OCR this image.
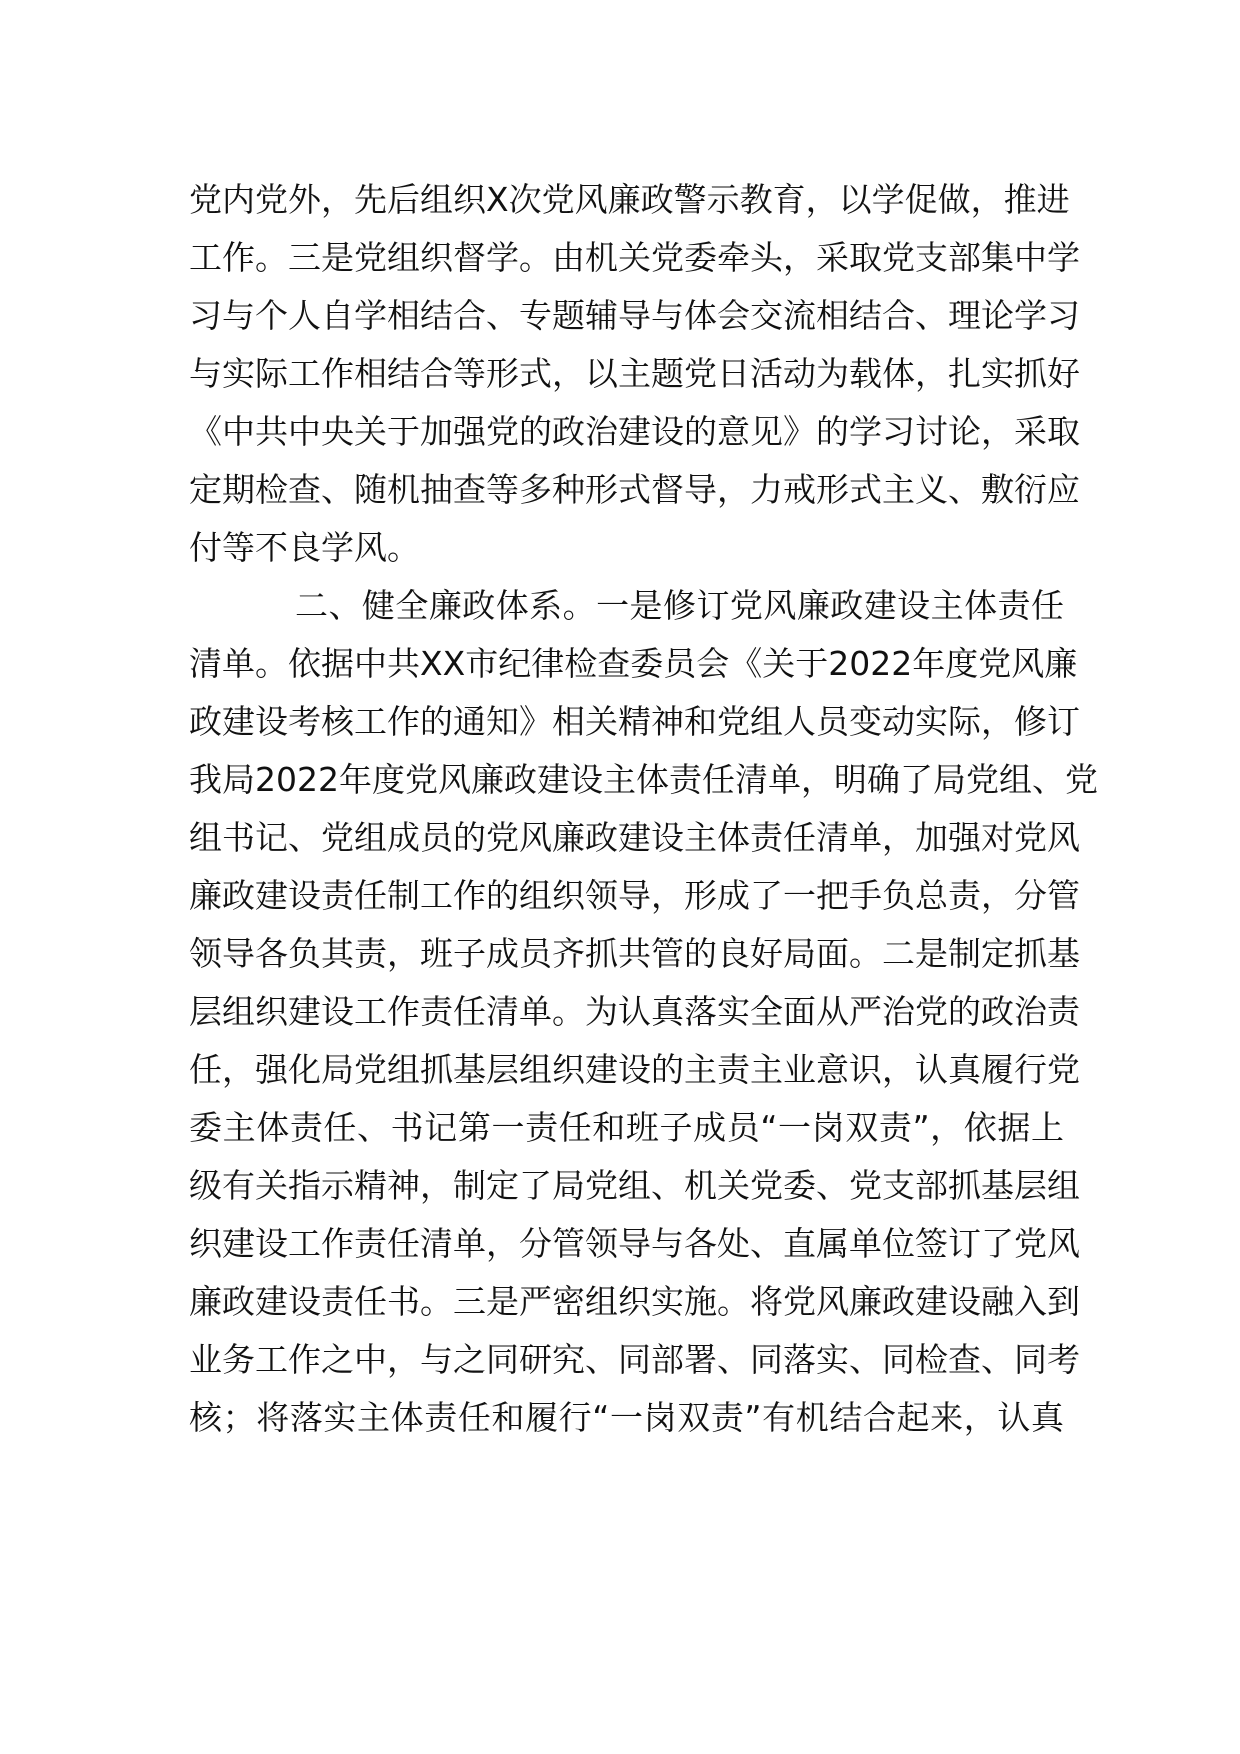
党内党外，先后组织X次党风廉政警示教育，以学促做，推进
工作。三是党组织督学。由机关党委牵头，采取党支部集中学
习与个人自学相结合、专题辅导与体会交流相结合、理论学习
与实际工作相结合等形式，以主题党日活动为载体，扎实抓好
《中共中央关于加强党的政治建设的意见》的学习讨论，采取
定期检查、随机抽查等多种形式督导，力戒形式主义、敷衍应
付等不良学风。
二、健全廉政体系。一是修订党风廉政建设主体责任
清单。依据中共XX市纪律检查委员会《关于2022年度党风廉
政建设考核工作的通知》相关精神和党组人员变动实际，修订
我局2022年度党风廉政建设主体责任清单，明确了局党组、党
组书记、党组成员的党风廉政建设主体责任清单，加强对党风
廉政建设责任制工作的组织领导，形成了一把手负总责，分管
领导各负其责，班子成员齐抓共管的良好局面。二是制定抓基
层组织建设工作责任清单。为认真落实全面从严治党的政治责
任，强化局党组抓基层组织建设的主责主业意识，认真履行党
委主体责任、书记第一责任和班子成员“一岗双责”，依据上
级有关指示精神，制定了局党组、机关党委、党支部抓基层组
织建设工作责任清单，分管领导与各处、直属单位签订了党风
廉政建设责任书。三是严密组织实施。将党风廉政建设融入到
业务工作之中，与之同研究、同部署、同落实、同检查、同考
核；将落实主体责任和履行“一岗双责”有机结合起来，认真
